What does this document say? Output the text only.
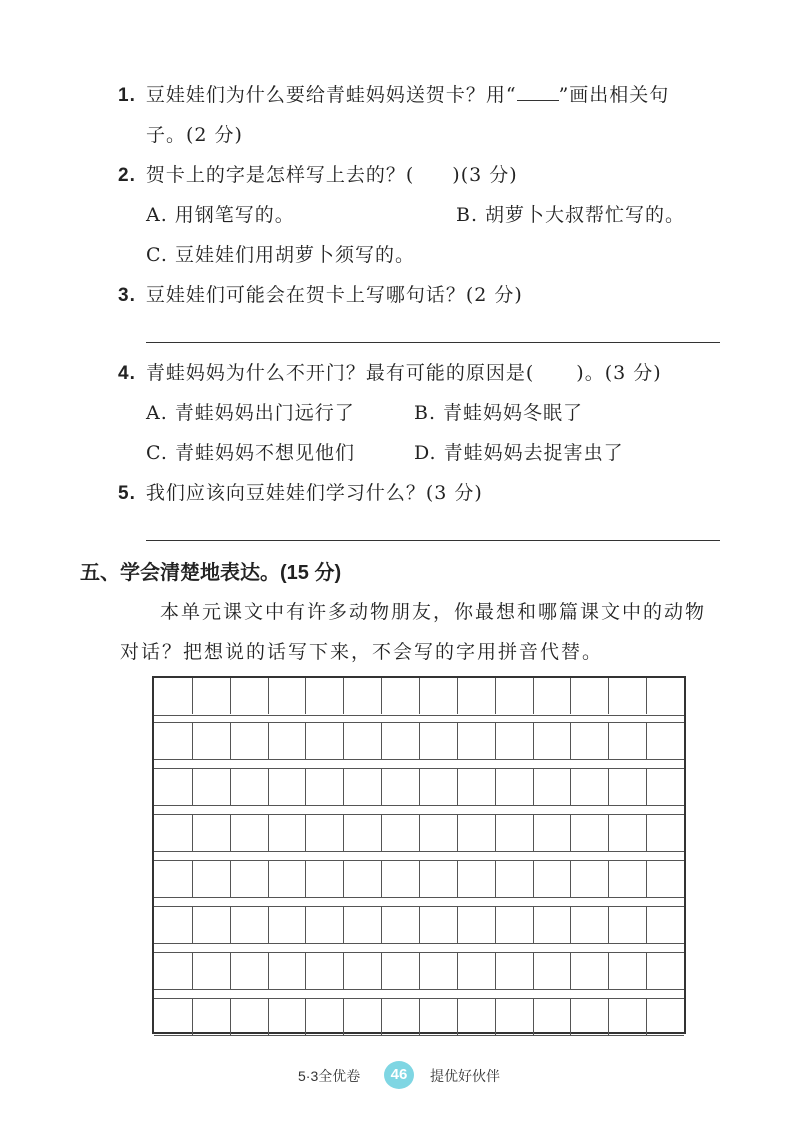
1. 豆娃娃们为什么要给青蛙妈妈送贺卡？用“ ”画出相关句
子。(2 分)
2. 贺卡上的字是怎样写上去的？( )(3 分)
A. 用钢笔写的。	B. 胡萝卜大叔帮忙写的。
C. 豆娃娃们用胡萝卜须写的。
3. 豆娃娃们可能会在贺卡上写哪句话？(2 分)
4. 青蛙妈妈为什么不开门？最有可能的原因是( )。(3 分)
A. 青蛙妈妈出门远行了	B. 青蛙妈妈冬眠了
C. 青蛙妈妈不想见他们	D. 青蛙妈妈去捉害虫了
5. 我们应该向豆娃娃们学习什么？(3 分)
五、学会清楚地表达。(15 分)
本单元课文中有许多动物朋友，你最想和哪篇课文中的动物
对话？把想说的话写下来，不会写的字用拼音代替。
5·3全优卷	46	提优好伙伴
